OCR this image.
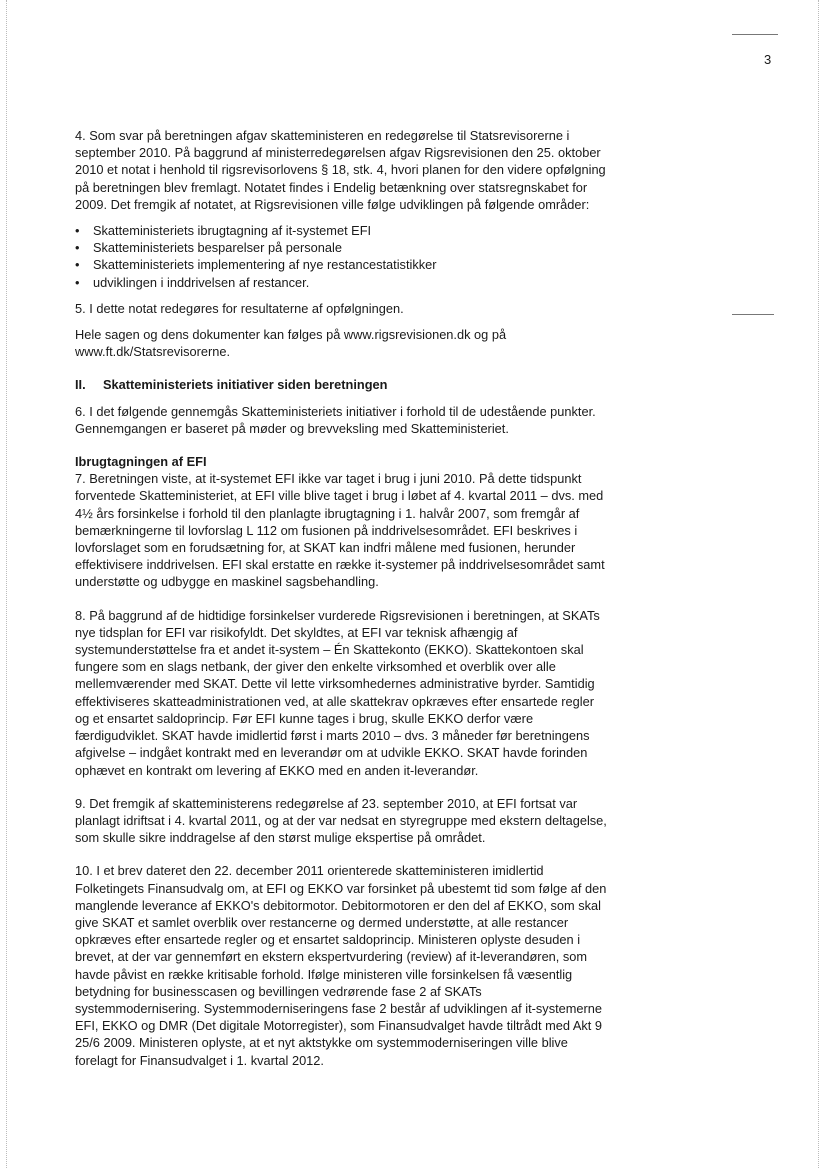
3

4. Som svar på beretningen afgav skatteministeren en redegørelse til Statsrevisorerne i september 2010. På baggrund af ministerredegørelsen afgav Rigsrevisionen den 25. oktober 2010 et notat i henhold til rigsrevisorlovens § 18, stk. 4, hvori planen for den videre opfølgning på beretningen blev fremlagt. Notatet findes i Endelig betænkning over statsregnskabet for 2009. Det fremgik af notatet, at Rigsrevisionen ville følge udviklingen på følgende områder:

• Skatteministeriets ibrugtagning af it-systemet EFI
• Skatteministeriets besparelser på personale
• Skatteministeriets implementering af nye restancestatistikker
• udviklingen i inddrivelsen af restancer.

5. I dette notat redegøres for resultaterne af opfølgningen.

Hele sagen og dens dokumenter kan følges på www.rigsrevisionen.dk og på www.ft.dk/Statsrevisorerne.

II. Skatteministeriets initiativer siden beretningen

6. I det følgende gennemgås Skatteministeriets initiativer i forhold til de udestående punkter. Gennemgangen er baseret på møder og brevveksling med Skatteministeriet.

Ibrugtagningen af EFI

7. Beretningen viste, at it-systemet EFI ikke var taget i brug i juni 2010. På dette tidspunkt forventede Skatteministeriet, at EFI ville blive taget i brug i løbet af 4. kvartal 2011 – dvs. med 4½ års forsinkelse i forhold til den planlagte ibrugtagning i 1. halvår 2007, som fremgår af bemærkningerne til lovforslag L 112 om fusionen på inddrivelsesområdet. EFI beskrives i lovforslaget som en forudsætning for, at SKAT kan indfri målene med fusionen, herunder effektivisere inddrivelsen. EFI skal erstatte en række it-systemer på inddrivelsesområdet samt understøtte og udbygge en maskinel sagsbehandling.

8. På baggrund af de hidtidige forsinkelser vurderede Rigsrevisionen i beretningen, at SKATs nye tidsplan for EFI var risikofyldt. Det skyldtes, at EFI var teknisk afhængig af systemunderstøttelse fra et andet it-system – Én Skattekonto (EKKO). Skattekontoen skal fungere som en slags netbank, der giver den enkelte virksomhed et overblik over alle mellemværender med SKAT. Dette vil lette virksomhedernes administrative byrder. Samtidig effektiviseres skatteadministrationen ved, at alle skattekrav opkræves efter ensartede regler og et ensartet saldoprincip. Før EFI kunne tages i brug, skulle EKKO derfor være færdigudviklet. SKAT havde imidlertid først i marts 2010 – dvs. 3 måneder før beretningens afgivelse – indgået kontrakt med en leverandør om at udvikle EKKO. SKAT havde forinden ophævet en kontrakt om levering af EKKO med en anden it-leverandør.

9. Det fremgik af skatteministerens redegørelse af 23. september 2010, at EFI fortsat var planlagt idriftsat i 4. kvartal 2011, og at der var nedsat en styregruppe med ekstern deltagelse, som skulle sikre inddragelse af den størst mulige ekspertise på området.

10. I et brev dateret den 22. december 2011 orienterede skatteministeren imidlertid Folketingets Finansudvalg om, at EFI og EKKO var forsinket på ubestemt tid som følge af den manglende leverance af EKKO's debitormotor. Debitormotoren er den del af EKKO, som skal give SKAT et samlet overblik over restancerne og dermed understøtte, at alle restancer opkræves efter ensartede regler og et ensartet saldoprincip. Ministeren oplyste desuden i brevet, at der var gennemført en ekstern ekspertvurdering (review) af it-leverandøren, som havde påvist en række kritisable forhold. Ifølge ministeren ville forsinkelsen få væsentlig betydning for businesscasen og bevillingen vedrørende fase 2 af SKATs systemmodernisering. Systemmoderniseringens fase 2 består af udviklingen af it-systemerne EFI, EKKO og DMR (Det digitale Motorregister), som Finansudvalget havde tiltrådt med Akt 9 25/6 2009. Ministeren oplyste, at et nyt aktstykke om systemmoderniseringen ville blive forelagt for Finansudvalget i 1. kvartal 2012.
